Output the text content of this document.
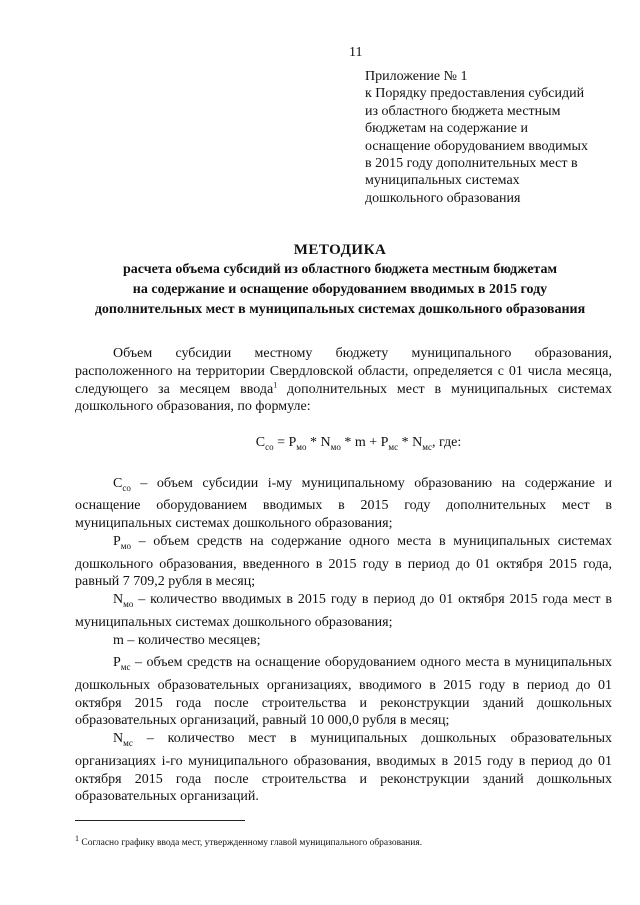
11
Приложение № 1
к Порядку предоставления субсидий
из областного бюджета местным
бюджетам на содержание и
оснащение оборудованием вводимых
в 2015 году дополнительных мест в
муниципальных системах
дошкольного образования
МЕТОДИКА
расчета объема субсидий из областного бюджета местным бюджетам
на содержание и оснащение оборудованием вводимых в 2015 году
дополнительных мест в муниципальных системах дошкольного образования

Объем субсидии местному бюджету муниципального образования, расположенного на территории Свердловской области, определяется с 01 числа месяца, следующего за месяцем ввода$^1$ дополнительных мест в муниципальных системах дошкольного образования, по формуле:

$C_{со} = P_{мо} * N_{мо} * m + P_{мс} * N_{мс}$, где:

$C_{со}$ – объем субсидии i-му муниципальному образованию на содержание и оснащение оборудованием вводимых в 2015 году дополнительных мест в муниципальных системах дошкольного образования;

$P_{мо}$ – объем средств на содержание одного места в муниципальных системах дошкольного образования, введенного в 2015 году в период до 01 октября 2015 года, равный 7 709,2 рубля в месяц;

$N_{мо}$ – количество вводимых в 2015 году в период до 01 октября 2015 года мест в муниципальных системах дошкольного образования;

m – количество месяцев;

$P_{мс}$ – объем средств на оснащение оборудованием одного места в муниципальных дошкольных образовательных организациях, вводимого в 2015 году в период до 01 октября 2015 года после строительства и реконструкции зданий дошкольных образовательных организаций, равный 10 000,0 рубля в месяц;

$N_{мс}$ – количество мест в муниципальных дошкольных образовательных организациях i-го муниципального образования, вводимых в 2015 году в период до 01 октября 2015 года после строительства и реконструкции зданий дошкольных образовательных организаций.

$^1$ Согласно графику ввода мест, утвержденному главой муниципального образования.
